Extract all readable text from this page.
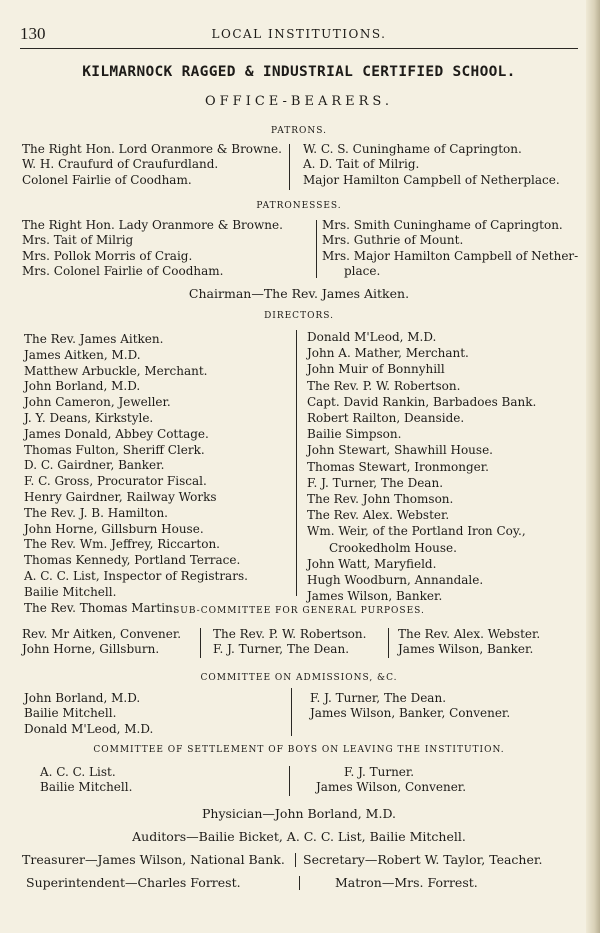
130	LOCAL INSTITUTIONS.
KILMARNOCK RAGGED & INDUSTRIAL CERTIFIED SCHOOL.
OFFICE-BEARERS.
PATRONS.
The Right Hon. Lord Oranmore & Browne.
W. H. Craufurd of Craufurdland.
Colonel Fairlie of Coodham.
W. C. S. Cuninghame of Caprington.
A. D. Tait of Milrig.
Major Hamilton Campbell of Netherplace.
PATRONESSES.
The Right Hon. Lady Oranmore & Browne.
Mrs. Tait of Milrig
Mrs. Pollok Morris of Craig.
Mrs. Colonel Fairlie of Coodham.
Mrs. Smith Cuninghame of Caprington.
Mrs. Guthrie of Mount.
Mrs. Major Hamilton Campbell of Nether-
place.
Chairman—The Rev. James Aitken.
DIRECTORS.
The Rev. James Aitken.
James Aitken, M.D.
Matthew Arbuckle, Merchant.
John Borland, M.D.
John Cameron, Jeweller.
J. Y. Deans, Kirkstyle.
James Donald, Abbey Cottage.
Thomas Fulton, Sheriff Clerk.
D. C. Gairdner, Banker.
F. C. Gross, Procurator Fiscal.
Henry Gairdner, Railway Works
The Rev. J. B. Hamilton.
John Horne, Gillsburn House.
The Rev. Wm. Jeffrey, Riccarton.
Thomas Kennedy, Portland Terrace.
A. C. C. List, Inspector of Registrars.
Bailie Mitchell.
The Rev. Thomas Martin.
Donald M'Leod, M.D.
John A. Mather, Merchant.
John Muir of Bonnyhill
The Rev. P. W. Robertson.
Capt. David Rankin, Barbadoes Bank.
Robert Railton, Deanside.
Bailie Simpson.
John Stewart, Shawhill House.
Thomas Stewart, Ironmonger.
F. J. Turner, The Dean.
The Rev. John Thomson.
The Rev. Alex. Webster.
Wm. Weir, of the Portland Iron Coy.,
Crookedholm House.
John Watt, Maryfield.
Hugh Woodburn, Annandale.
James Wilson, Banker.
SUB-COMMITTEE FOR GENERAL PURPOSES.
Rev. Mr Aitken, Convener.
John Horne, Gillsburn.
The Rev. P. W. Robertson.
F. J. Turner, The Dean.
The Rev. Alex. Webster.
James Wilson, Banker.
COMMITTEE ON ADMISSIONS, &C.
John Borland, M.D.
Bailie Mitchell.
Donald M'Leod, M.D.
F. J. Turner, The Dean.
James Wilson, Banker, Convener.
COMMITTEE OF SETTLEMENT OF BOYS ON LEAVING THE INSTITUTION.
A. C. C. List.
Bailie Mitchell.
F. J. Turner.
James Wilson, Convener.
Physician—John Borland, M.D.
Auditors—Bailie Bicket, A. C. C. List, Bailie Mitchell.
Treasurer—James Wilson, National Bank. Secretary—Robert W. Taylor, Teacher.
Superintendent—Charles Forrest.	Matron—Mrs. Forrest.
